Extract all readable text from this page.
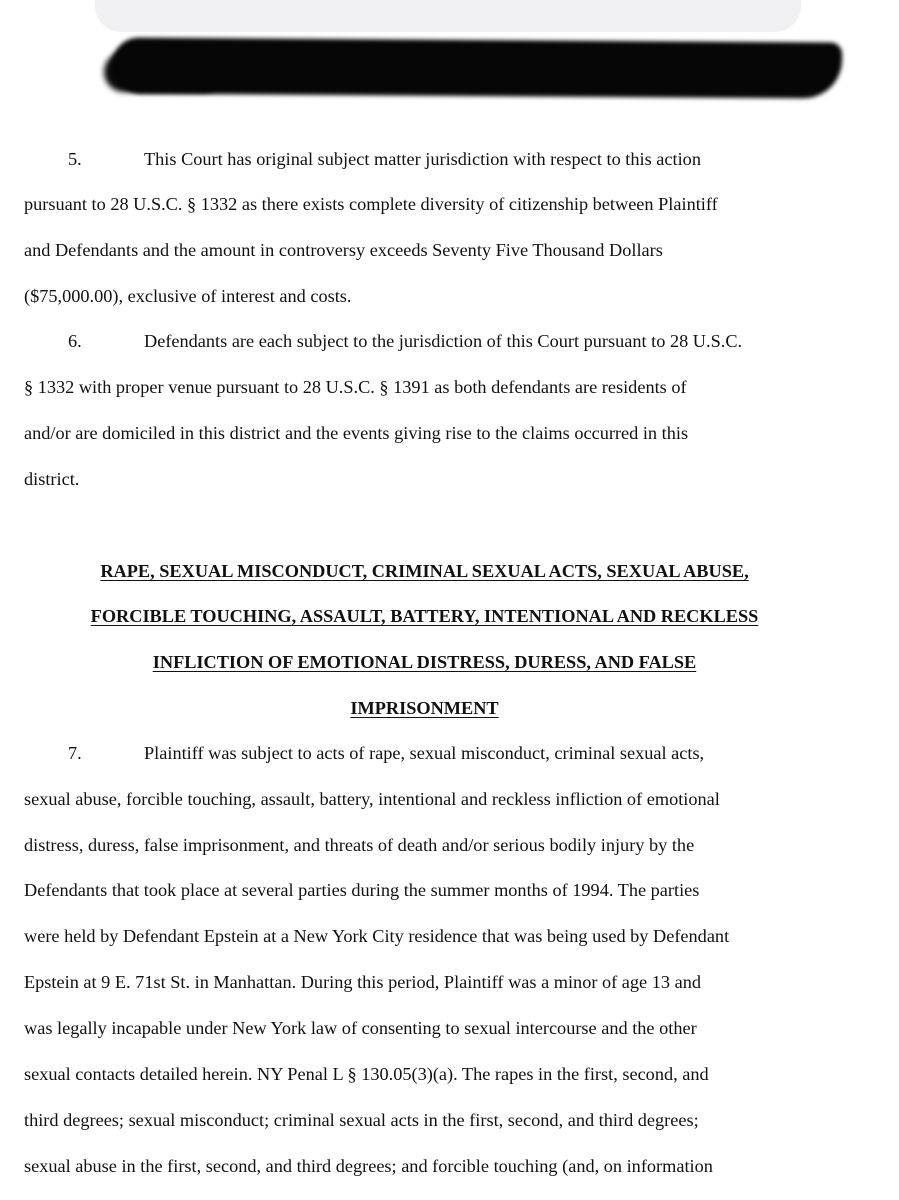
5.	This Court has original subject matter jurisdiction with respect to this action
pursuant to 28 U.S.C. § 1332 as there exists complete diversity of citizenship between Plaintiff
and Defendants and the amount in controversy exceeds Seventy Five Thousand Dollars
($75,000.00), exclusive of interest and costs.
6.	Defendants are each subject to the jurisdiction of this Court pursuant to 28 U.S.C.
§ 1332 with proper venue pursuant to 28 U.S.C. § 1391 as both defendants are residents of
and/or are domiciled in this district and the events giving rise to the claims occurred in this
district.
RAPE, SEXUAL MISCONDUCT, CRIMINAL SEXUAL ACTS, SEXUAL ABUSE,
FORCIBLE TOUCHING, ASSAULT, BATTERY, INTENTIONAL AND RECKLESS
INFLICTION OF EMOTIONAL DISTRESS, DURESS, AND FALSE
IMPRISONMENT
7.	Plaintiff was subject to acts of rape, sexual misconduct, criminal sexual acts,
sexual abuse, forcible touching, assault, battery, intentional and reckless infliction of emotional
distress, duress, false imprisonment, and threats of death and/or serious bodily injury by the
Defendants that took place at several parties during the summer months of 1994. The parties
were held by Defendant Epstein at a New York City residence that was being used by Defendant
Epstein at 9 E. 71st St. in Manhattan. During this period, Plaintiff was a minor of age 13 and
was legally incapable under New York law of consenting to sexual intercourse and the other
sexual contacts detailed herein. NY Penal L § 130.05(3)(a). The rapes in the first, second, and
third degrees; sexual misconduct; criminal sexual acts in the first, second, and third degrees;
sexual abuse in the first, second, and third degrees; and forcible touching (and, on information
